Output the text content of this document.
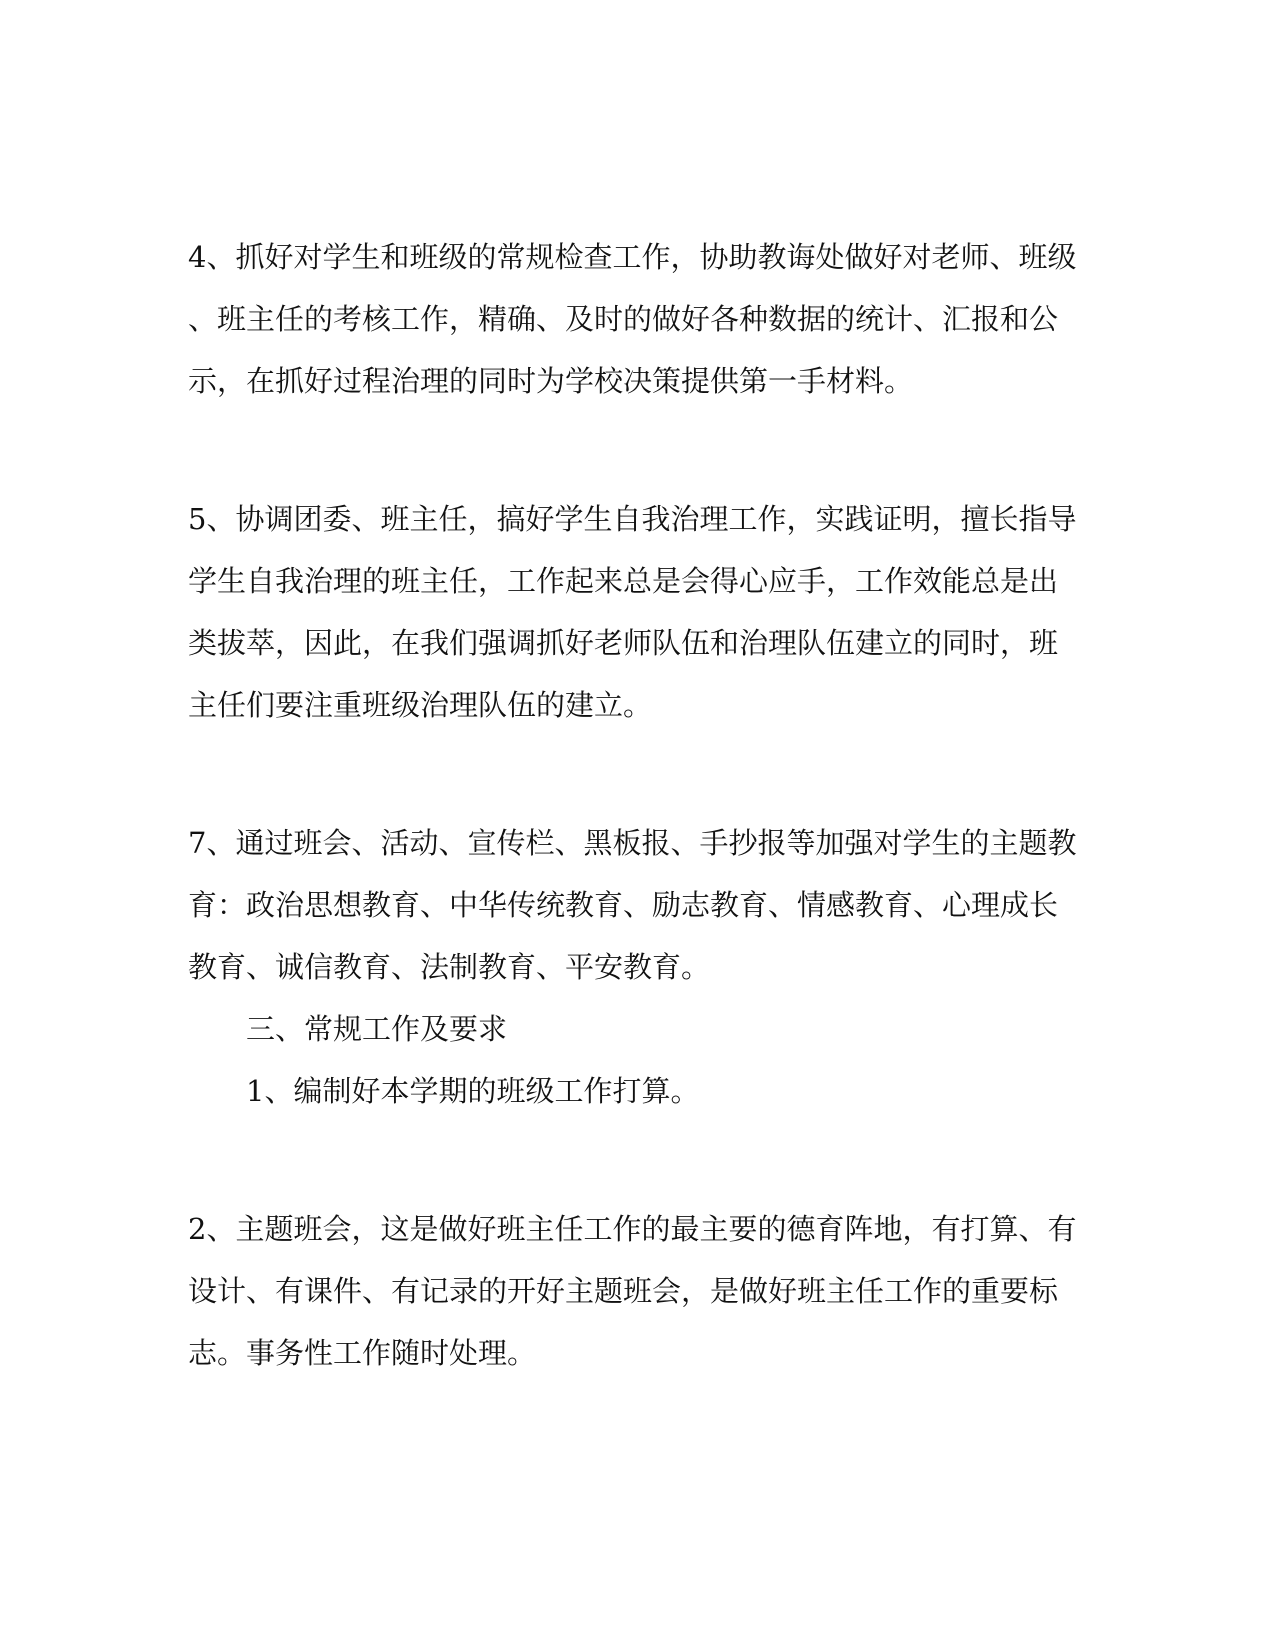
4、抓好对学生和班级的常规检查工作，协助教诲处做好对老师、班级
、班主任的考核工作，精确、及时的做好各种数据的统计、汇报和公
示，在抓好过程治理的同时为学校决策提供第一手材料。

5、协调团委、班主任，搞好学生自我治理工作，实践证明，擅长指导
学生自我治理的班主任，工作起来总是会得心应手，工作效能总是出
类拔萃，因此，在我们强调抓好老师队伍和治理队伍建立的同时，班
主任们要注重班级治理队伍的建立。

7、通过班会、活动、宣传栏、黑板报、手抄报等加强对学生的主题教
育：政治思想教育、中华传统教育、励志教育、情感教育、心理成长
教育、诚信教育、法制教育、平安教育。

三、常规工作及要求

1、编制好本学期的班级工作打算。

2、主题班会，这是做好班主任工作的最主要的德育阵地，有打算、有
设计、有课件、有记录的开好主题班会，是做好班主任工作的重要标
志。事务性工作随时处理。
